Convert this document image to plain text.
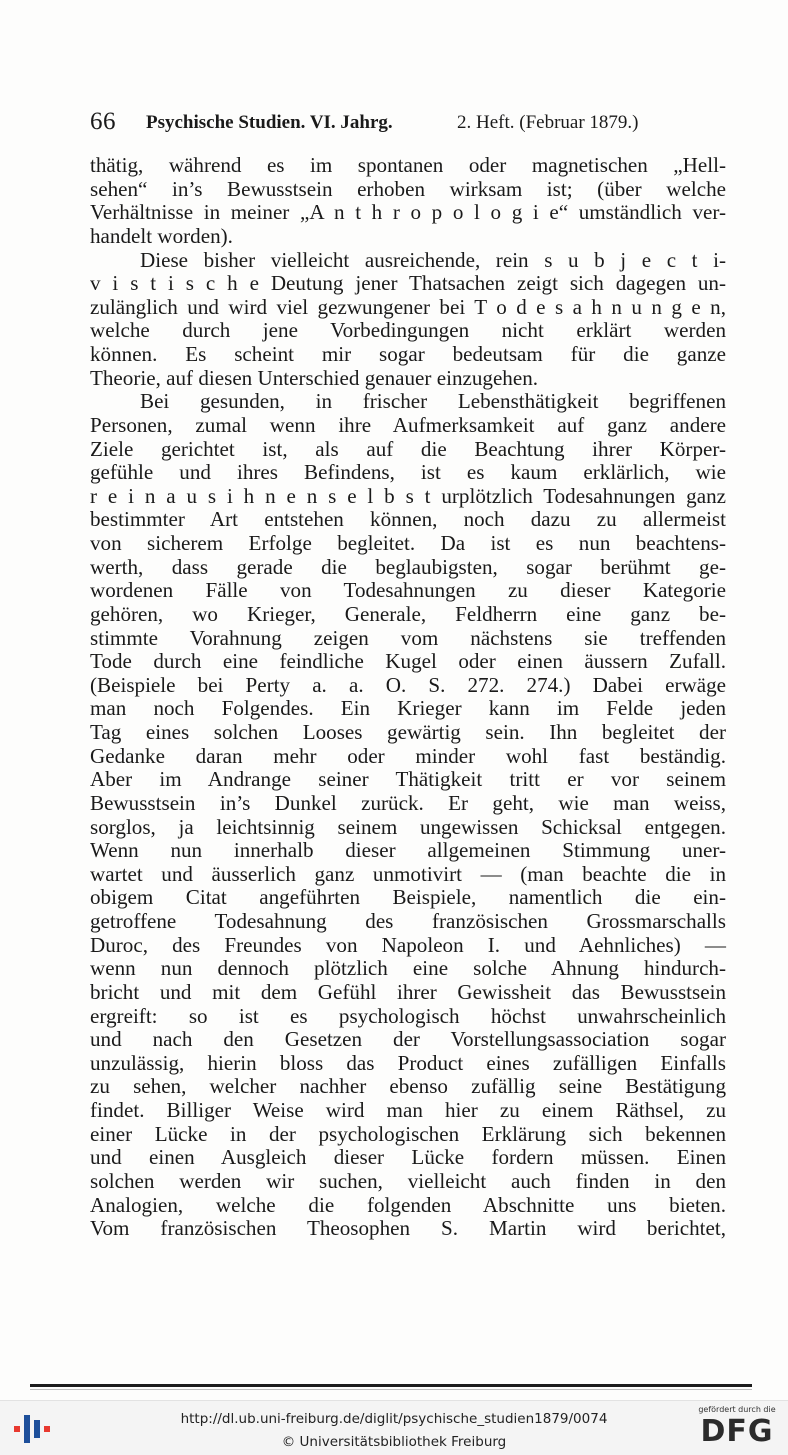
66 Psychische Studien. VI. Jahrg.	2. Heft. (Februar 1879.)
thätig, während es im spontanen oder magnetischen „Hell-
sehen“ in’s Bewusstsein erhoben wirksam ist; (über welche
Verhältnisse in meiner „A n t h r o p o l o g i e“ umständlich ver-
handelt worden).
Diese bisher vielleicht ausreichende, rein s u b j e c t i-
v i s t i s c h e Deutung jener Thatsachen zeigt sich dagegen un-
zulänglich und wird viel gezwungener bei T o d e s a h n u n g e n,
welche durch jene Vorbedingungen nicht erklärt werden
können. Es scheint mir sogar bedeutsam für die ganze
Theorie, auf diesen Unterschied genauer einzugehen.
Bei gesunden, in frischer Lebensthätigkeit begriffenen
Personen, zumal wenn ihre Aufmerksamkeit auf ganz andere
Ziele gerichtet ist, als auf die Beachtung ihrer Körper-
gefühle und ihres Befindens, ist es kaum erklärlich, wie
r e i n a u s i h n e n s e l b s t urplötzlich Todesahnungen ganz
bestimmter Art entstehen können, noch dazu zu allermeist
von sicherem Erfolge begleitet. Da ist es nun beachtens-
werth, dass gerade die beglaubigsten, sogar berühmt ge-
wordenen Fälle von Todesahnungen zu dieser Kategorie
gehören, wo Krieger, Generale, Feldherrn eine ganz be-
stimmte Vorahnung zeigen vom nächstens sie treffenden
Tode durch eine feindliche Kugel oder einen äussern Zufall.
(Beispiele bei Perty a. a. O. S. 272. 274.) Dabei erwäge
man noch Folgendes. Ein Krieger kann im Felde jeden
Tag eines solchen Looses gewärtig sein. Ihn begleitet der
Gedanke daran mehr oder minder wohl fast beständig.
Aber im Andrange seiner Thätigkeit tritt er vor seinem
Bewusstsein in’s Dunkel zurück. Er geht, wie man weiss,
sorglos, ja leichtsinnig seinem ungewissen Schicksal entgegen.
Wenn nun innerhalb dieser allgemeinen Stimmung uner-
wartet und äusserlich ganz unmotivirt — (man beachte die in
obigem Citat angeführten Beispiele, namentlich die ein-
getroffene Todesahnung des französischen Grossmarschalls
Duroc, des Freundes von Napoleon I. und Aehnliches) —
wenn nun dennoch plötzlich eine solche Ahnung hindurch-
bricht und mit dem Gefühl ihrer Gewissheit das Bewusstsein
ergreift: so ist es psychologisch höchst unwahrscheinlich
und nach den Gesetzen der Vorstellungsassociation sogar
unzulässig, hierin bloss das Product eines zufälligen Einfalls
zu sehen, welcher nachher ebenso zufällig seine Bestätigung
findet. Billiger Weise wird man hier zu einem Räthsel, zu
einer Lücke in der psychologischen Erklärung sich bekennen
und einen Ausgleich dieser Lücke fordern müssen. Einen
solchen werden wir suchen, vielleicht auch finden in den
Analogien, welche die folgenden Abschnitte uns bieten.
Vom französischen Theosophen S. Martin wird berichtet,
http://dl.ub.uni-freiburg.de/diglit/psychische_studien1879/0074
© Universitätsbibliothek Freiburg
gefördert durch die
DFG
